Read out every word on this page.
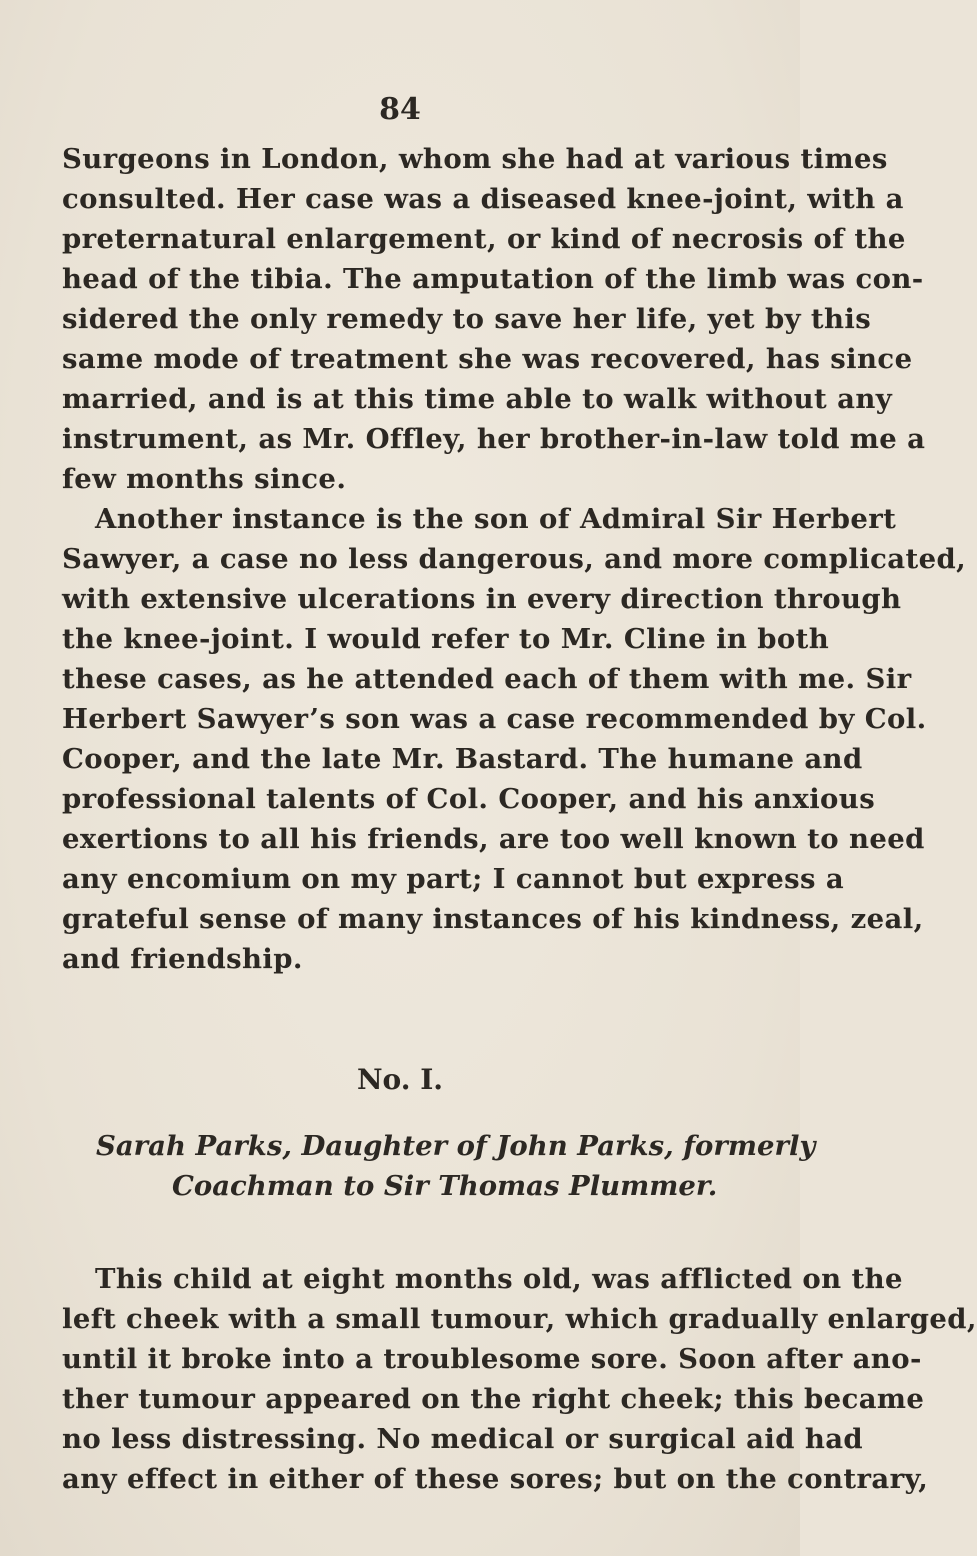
84
Surgeons in London, whom she had at various times
consulted. Her case was a diseased knee-joint, with a
preternatural enlargement, or kind of necrosis of the
head of the tibia. The amputation of the limb was con-
sidered the only remedy to save her life, yet by this
same mode of treatment she was recovered, has since
married, and is at this time able to walk without any
instrument, as Mr. Offley, her brother-in-law told me a
few months since.
Another instance is the son of Admiral Sir Herbert
Sawyer, a case no less dangerous, and more complicated,
with extensive ulcerations in every direction through
the knee-joint. I would refer to Mr. Cline in both
these cases, as he attended each of them with me. Sir
Herbert Sawyer’s son was a case recommended by Col.
Cooper, and the late Mr. Bastard. The humane and
professional talents of Col. Cooper, and his anxious
exertions to all his friends, are too well known to need
any encomium on my part; I cannot but express a
grateful sense of many instances of his kindness, zeal,
and friendship.
No. I.
Sarah Parks, Daughter of John Parks, formerly
Coachman to Sir Thomas Plummer.
This child at eight months old, was afflicted on the
left cheek with a small tumour, which gradually enlarged,
until it broke into a troublesome sore. Soon after ano-
ther tumour appeared on the right cheek; this became
no less distressing. No medical or surgical aid had
any effect in either of these sores; but on the contrary,
